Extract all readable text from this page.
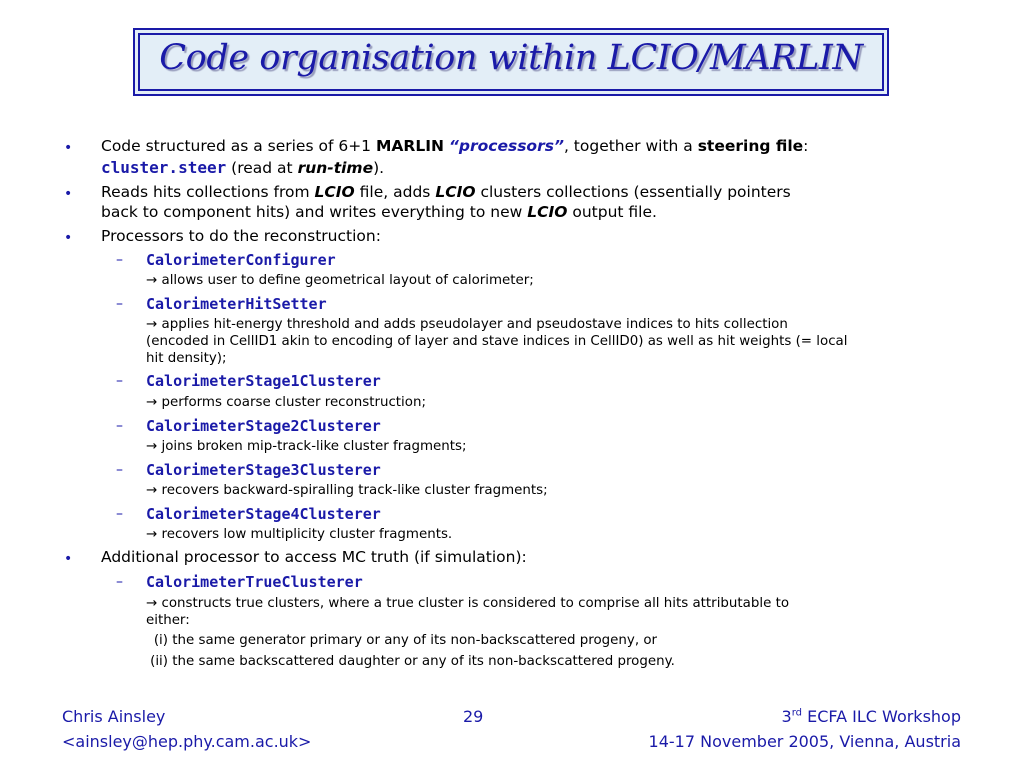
Code organisation within LCIO/MARLIN
• Code structured as a series of 6+1 MARLIN “processors”, together with a steering file:
cluster.steer (read at run-time).
• Reads hits collections from LCIO file, adds LCIO clusters collections (essentially pointers
back to component hits) and writes everything to new LCIO output file.
• Processors to do the reconstruction:
– CalorimeterConfigurer
→ allows user to define geometrical layout of calorimeter;
– CalorimeterHitSetter
→ applies hit-energy threshold and adds pseudolayer and pseudostave indices to hits collection
(encoded in CellID1 akin to encoding of layer and stave indices in CellID0) as well as hit weights (= local
hit density);
– CalorimeterStage1Clusterer
→ performs coarse cluster reconstruction;
– CalorimeterStage2Clusterer
→ joins broken mip-track-like cluster fragments;
– CalorimeterStage3Clusterer
→ recovers backward-spiralling track-like cluster fragments;
– CalorimeterStage4Clusterer
→ recovers low multiplicity cluster fragments.
• Additional processor to access MC truth (if simulation):
– CalorimeterTrueClusterer
→ constructs true clusters, where a true cluster is considered to comprise all hits attributable to
either:
(i) the same generator primary or any of its non-backscattered progeny, or
(ii) the same backscattered daughter or any of its non-backscattered progeny.
Chris Ainsley
<ainsley@hep.phy.cam.ac.uk>
29	3rd ECFA ILC Workshop
14-17 November 2005, Vienna, Austria
